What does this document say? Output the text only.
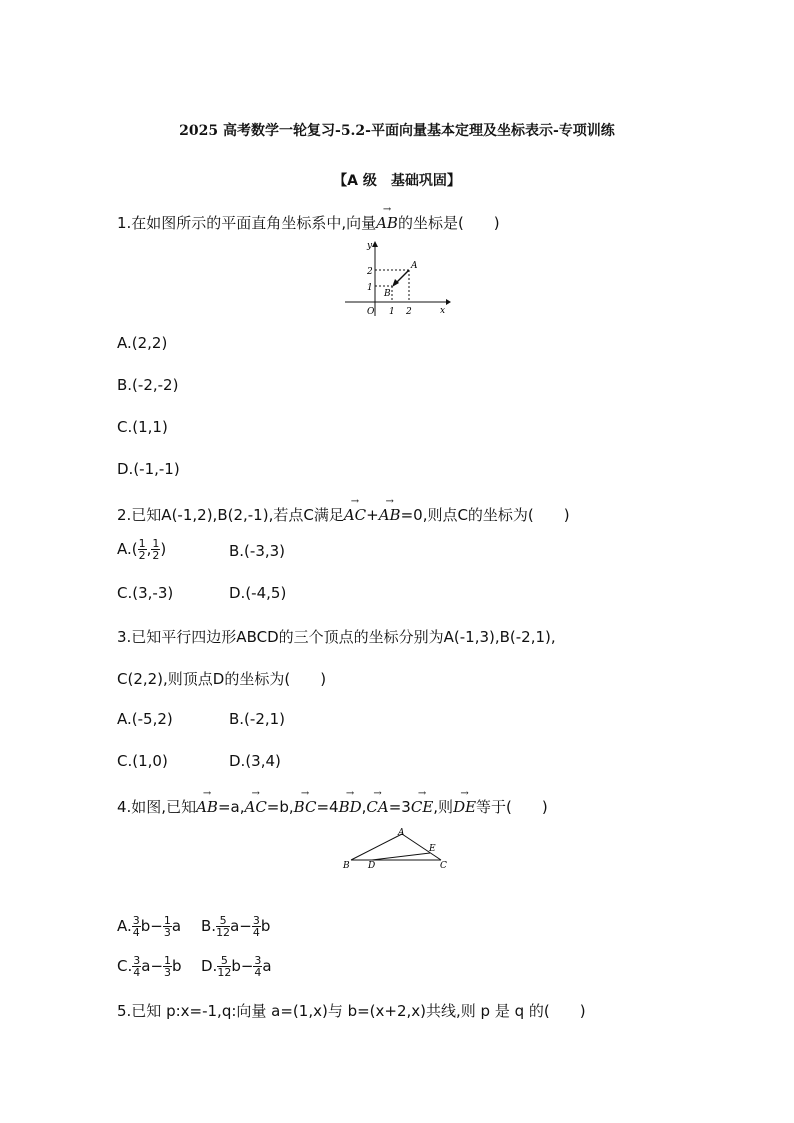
2025 高考数学一轮复习-5.2-平面向量基本定理及坐标表示-专项训练
【A 级　基础巩固】
1.在如图所示的平面直角坐标系中,向量→ AB的坐标是(　　)
y
x
O
1
2
1 2
A
B
A.(2,2)
B.(-2,-2)
C.(1,1)
D.(-1,-1)
2.已知A(-1,2),B(2,-1),若点C满足→ AC+→ AB=0,则点C的坐标为(　　)
$A.( \frac{1}{2}$ , $\frac{1}{2}$ )	B.(-3,3)
C.(3,-3)	D.(-4,5)
3.已知平行四边形ABCD的三个顶点的坐标分别为A(-1,3),B(-2,1),
C(2,2),则顶点D的坐标为(　　)
A.(-5,2)	B.(-2,1)
C.(1,0)	D.(3,4)
4.如图,已知→ AB=a,→ AC=b,→ BC=4→ BD,→ CA=3→ CE,则→ DE等于(　　)
A
B	C
D
E
A. $\frac{3}{4} b- \frac{1}{3}$ a B. $\frac{5}{12} a- \frac{3}{4}$ b
C. $\frac{3}{4} a- \frac{1}{3}$ b D. $\frac{5}{12} b- \frac{3}{4}$ a
5.已知 p:x=-1,q:向量 a=(1,x)与 b=(x+2,x)共线,则 p 是 q 的(　　)
